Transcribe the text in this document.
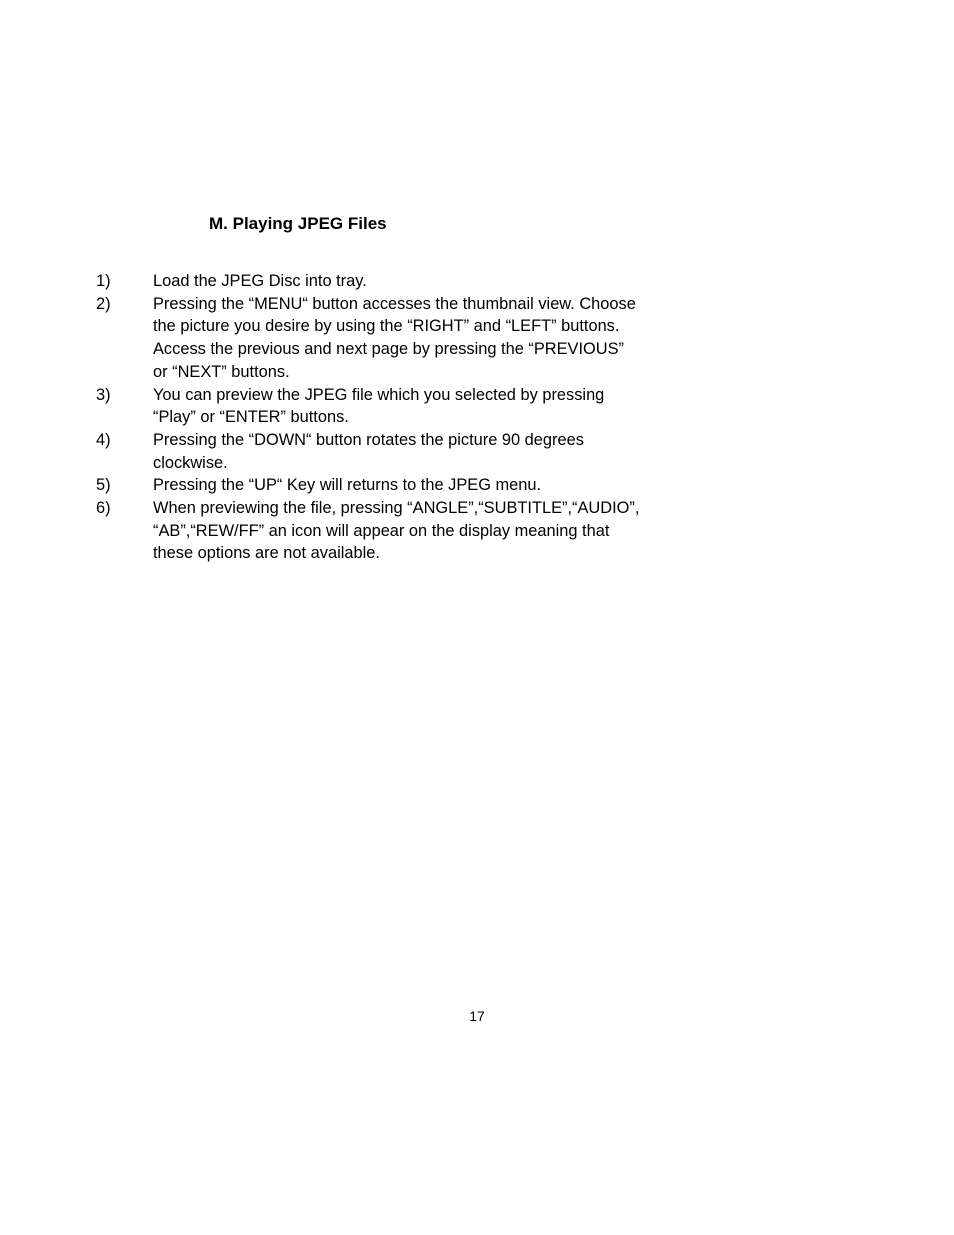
M. Playing JPEG Files
1)	Load the JPEG Disc into tray.
2)	Pressing the “MENU“ button accesses the thumbnail view. Choose
the picture you desire by using the “RIGHT” and “LEFT” buttons.
Access the previous and next page by pressing the “PREVIOUS”
or “NEXT” buttons.
3)	You can preview the JPEG file which you selected by pressing
“Play” or “ENTER” buttons.
4)	Pressing the “DOWN“ button rotates the picture 90 degrees
clockwise.
5)	Pressing the “UP“ Key will returns to the JPEG menu.
6)	When previewing the file, pressing “ANGLE”,“SUBTITLE”,“AUDIO”,
“AB”,“REW/FF” an icon will appear on the display meaning that
these options are not available.
17
